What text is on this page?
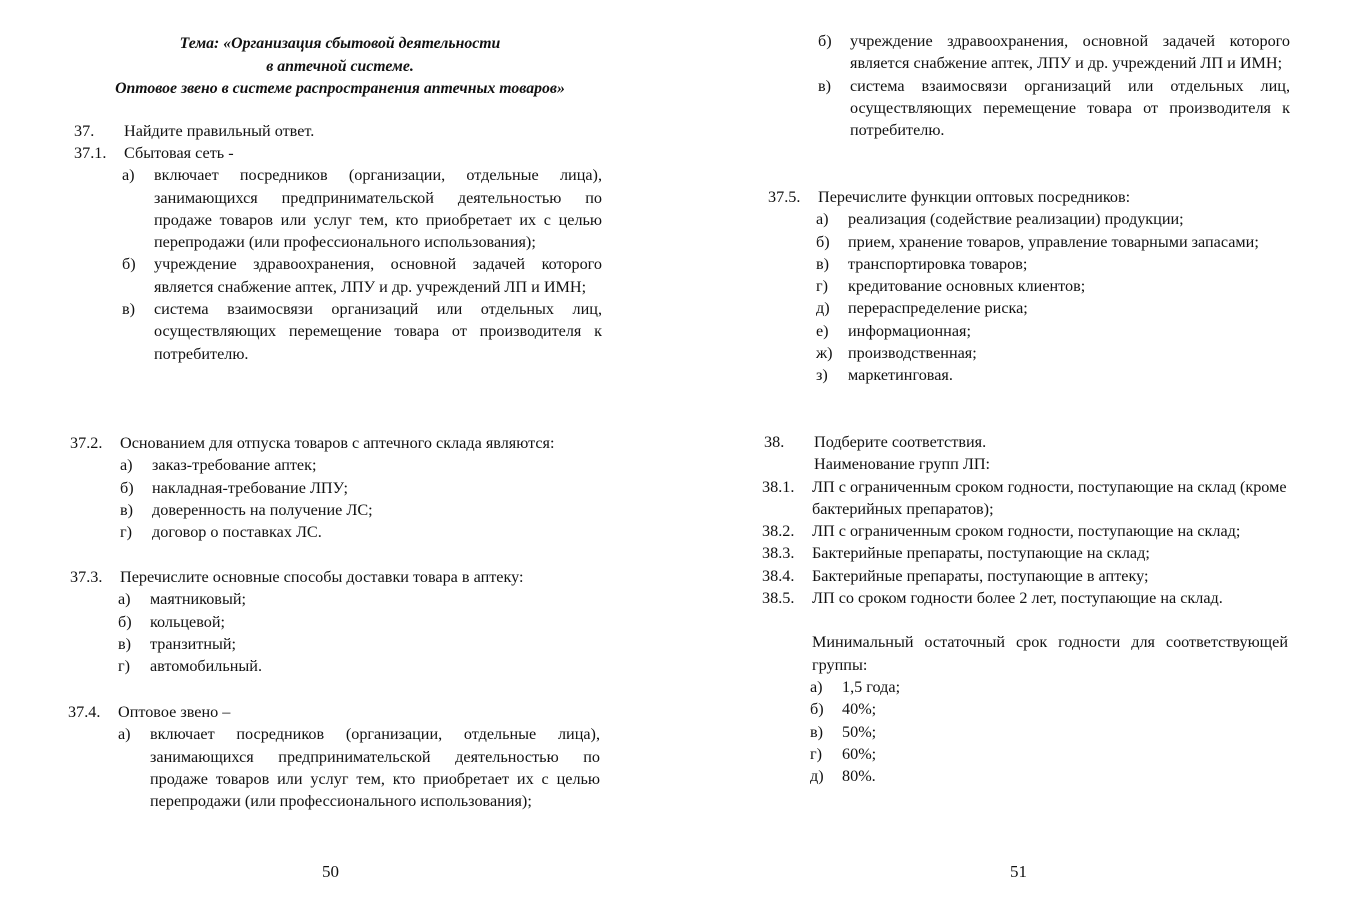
Тема: «Организация сбытовой деятельности
в аптечной системе.
Оптовое звено в системе распространения аптечных товаров»
37.	Найдите правильный ответ.
37.1.	Сбытовая сеть -
а)	включает посредников (организации, отдельные лица), занимающихся предпринимательской деятельностью по продаже товаров или услуг тем, кто приобретает их с целью перепродажи (или профессионального использования);
б)	учреждение здравоохранения, основной задачей которого является снабжение аптек, ЛПУ и др. учреждений ЛП и ИМН;
в)	система взаимосвязи организаций или отдельных лиц, осуществляющих перемещение товара от производителя к потребителю.
37.2.	Основанием для отпуска товаров с аптечного склада являются:
а)	заказ-требование аптек;
б)	накладная-требование ЛПУ;
в)	доверенность на получение ЛС;
г)	договор о поставках ЛС.
37.3.	Перечислите основные способы доставки товара в аптеку:
а)	маятниковый;
б)	кольцевой;
в)	транзитный;
г)	автомобильный.
37.4.	Оптовое звено –
а)	включает посредников (организации, отдельные лица), занимающихся предпринимательской деятельностью по продаже товаров или услуг тем, кто приобретает их с целью перепродажи (или профессионального использования);
50
б)	учреждение здравоохранения, основной задачей которого является снабжение аптек, ЛПУ и др. учреждений ЛП и ИМН;
в)	система взаимосвязи организаций или отдельных лиц, осуществляющих перемещение товара от производителя к потребителю.
37.5.	Перечислите функции оптовых посредников:
а)	реализация (содействие реализации) продукции;
б)	прием, хранение товаров, управление товарными запасами;
в)	транспортировка товаров;
г)	кредитование основных клиентов;
д)	перераспределение риска;
е)	информационная;
ж) производственная;
з)	маркетинговая.
38.	Подберите соответствия.
Наименование групп ЛП:
38.1.	ЛП с ограниченным сроком годности, поступающие на склад (кроме бактерийных препаратов);
38.2.	ЛП с ограниченным сроком годности, поступающие на склад;
38.3.	Бактерийные препараты, поступающие на склад;
38.4.	Бактерийные препараты, поступающие в аптеку;
38.5.	ЛП со сроком годности более 2 лет, поступающие на склад.
Минимальный остаточный срок годности для соответствующей группы:
а)	1,5 года;
б)	40%;
в)	50%;
г)	60%;
д)	80%.
51
